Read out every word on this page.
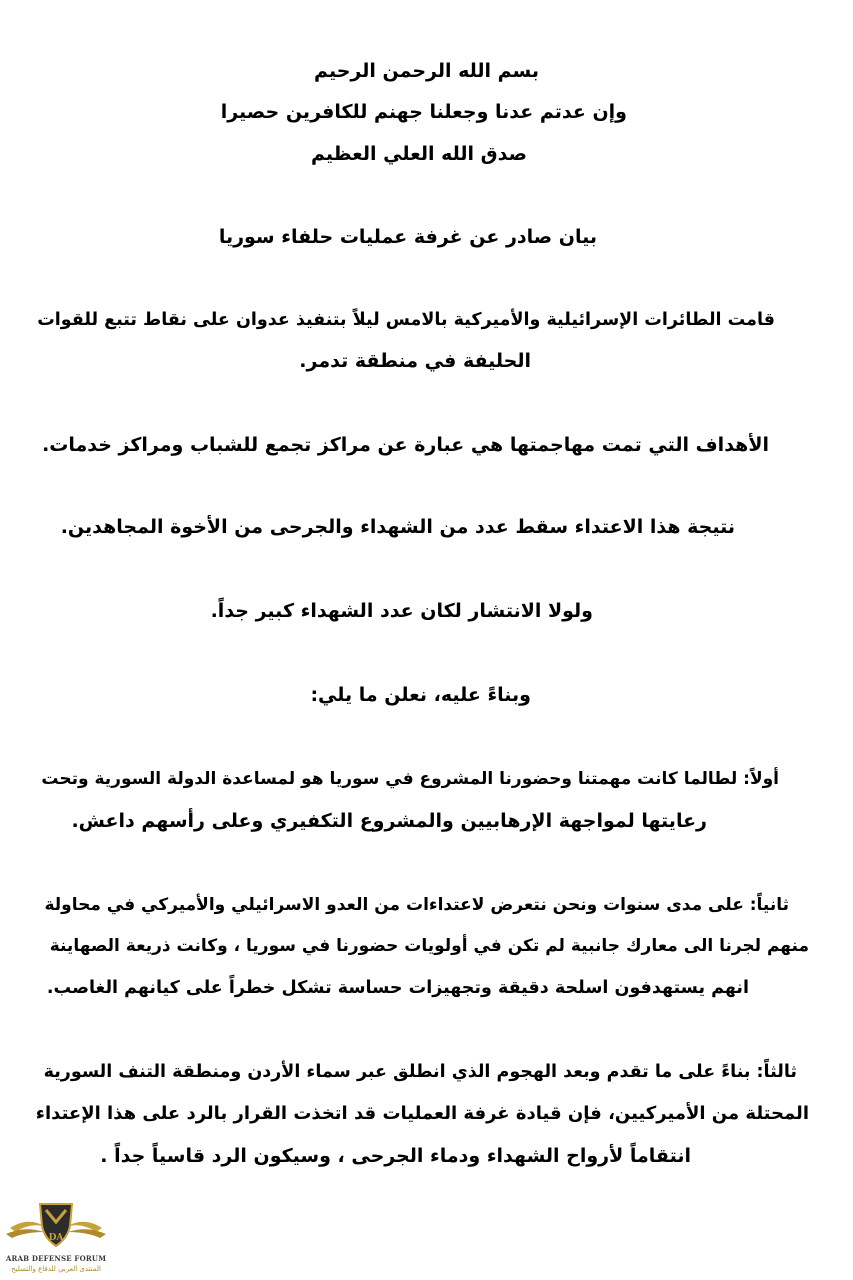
بسم الله الرحمن الرحيم
وإن عدتم عدنا وجعلنا جهنم للكافرين حصيرا
صدق الله العلي العظيم
بيان صادر عن غرفة عمليات حلفاء سوريا
قامت الطائرات الإسرائيلية والأميركية بالامس ليلاً بتنفيذ عدوان على نقاط تتبع للقوات
الحليفة في منطقة تدمر.
الأهداف التي تمت مهاجمتها هي عبارة عن مراكز تجمع للشباب ومراكز خدمات.
نتيجة هذا الاعتداء سقط عدد من الشهداء والجرحى من الأخوة المجاهدين.
ولولا الانتشار لكان عدد الشهداء كبير جداً.
وبناءً عليه، نعلن ما يلي:
أولاً: لطالما كانت مهمتنا وحضورنا المشروع في سوريا هو لمساعدة الدولة السورية وتحت
رعايتها لمواجهة الإرهابيين والمشروع التكفيري وعلى رأسهم داعش.
ثانياً: على مدى سنوات ونحن نتعرض لاعتداءات من العدو الاسرائيلي والأميركي في محاولة
منهم لجرنا الى معارك جانبية لم تكن في أولويات حضورنا في سوريا ، وكانت ذريعة الصهاينة
انهم يستهدفون اسلحة دقيقة وتجهيزات حساسة تشكل خطراً على كيانهم الغاصب.
ثالثاً: بناءً على ما تقدم وبعد الهجوم الذي انطلق عبر سماء الأردن ومنطقة التنف السورية
المحتلة من الأميركيين، فإن قيادة غرفة العمليات قد اتخذت القرار بالرد على هذا الإعتداء
انتقاماً لأرواح الشهداء ودماء الجرحى ، وسيكون الرد قاسياً جداً .
DA
ARAB DEFENSE FORUM
المنتدى العربي للدفاع والتسليح
